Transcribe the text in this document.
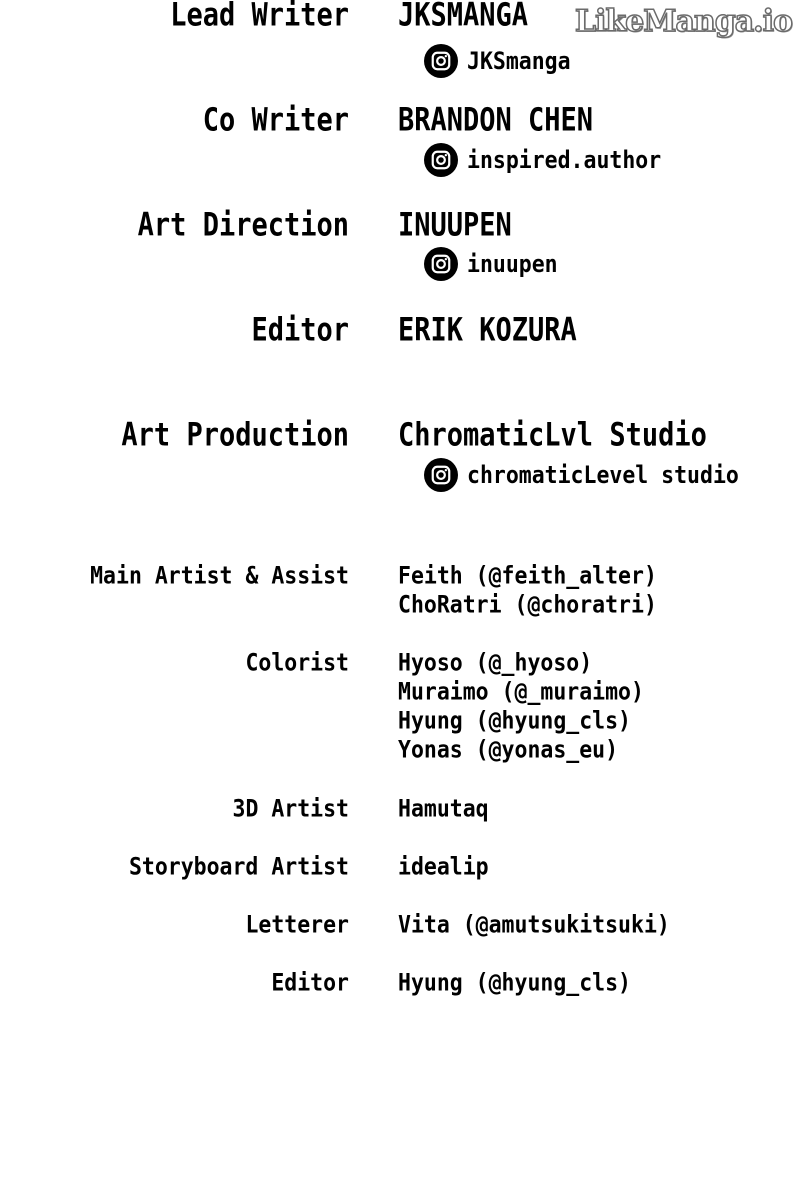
LikeManga.io
Lead Writer JKSMANGA
JKSmanga
Co Writer BRANDON CHEN
inspired.author
Art Direction INUUPEN
inuupen
Editor ERIK KOZURA
Art Production ChromaticLvl Studio
chromaticLevel studio
Main Artist & Assist Feith (@feith_alter)
ChoRatri (@choratri)
Colorist Hyoso (@_hyoso)
Muraimo (@_muraimo)
Hyung (@hyung_cls)
Yonas (@yonas_eu)
3D Artist Hamutaq
Storyboard Artist idealip
Letterer Vita (@amutsukitsuki)
Editor Hyung (@hyung_cls)
